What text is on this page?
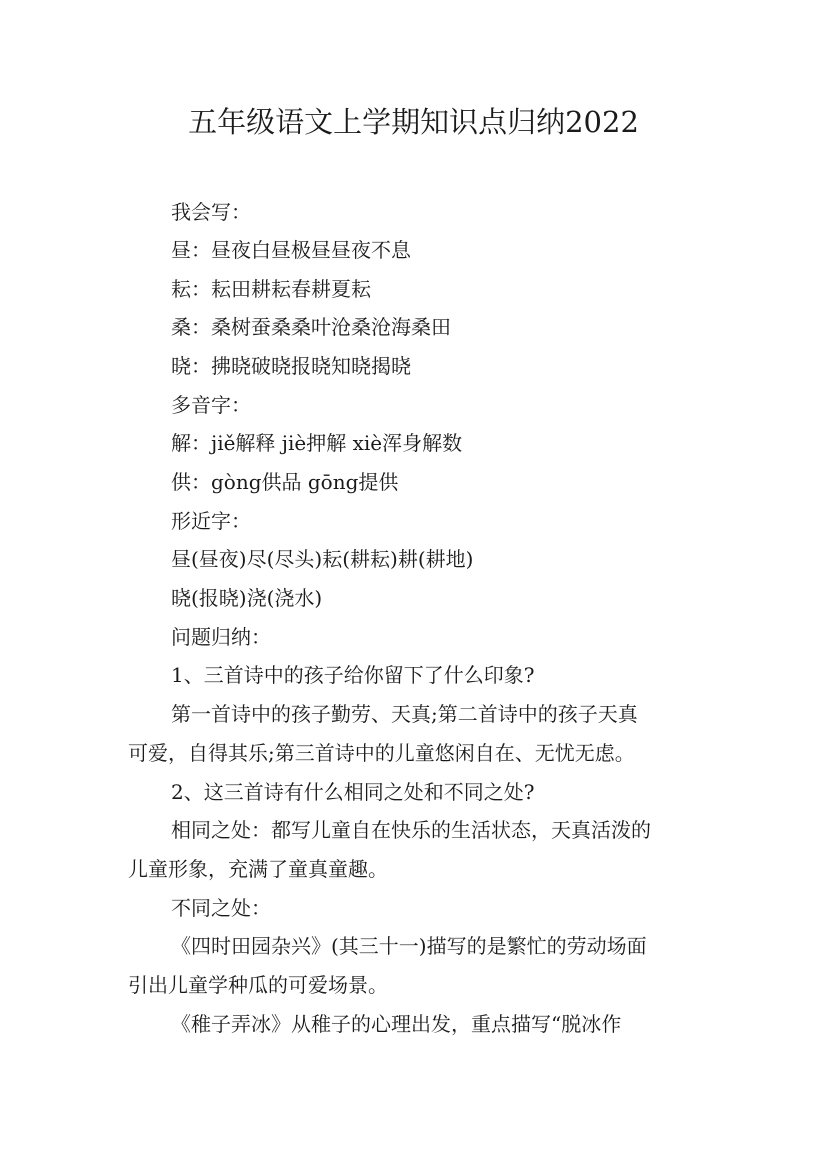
五年级语文上学期知识点归纳2022
我会写：
昼：昼夜白昼极昼昼夜不息
耘：耘田耕耘春耕夏耘
桑：桑树蚕桑桑叶沧桑沧海桑田
晓：拂晓破晓报晓知晓揭晓
多音字：
解：jiě解释 jiè押解 xiè浑身解数
供：gòng供品 gōng提供
形近字：
昼(昼夜)尽(尽头)耘(耕耘)耕(耕地)
晓(报晓)浇(浇水)
问题归纳：
1、三首诗中的孩子给你留下了什么印象?
第一首诗中的孩子勤劳、天真;第二首诗中的孩子天真
可爱，自得其乐;第三首诗中的儿童悠闲自在、无忧无虑。
2、这三首诗有什么相同之处和不同之处?
相同之处：都写儿童自在快乐的生活状态，天真活泼的
儿童形象，充满了童真童趣。
不同之处：
《四时田园杂兴》(其三十一)描写的是繁忙的劳动场面
引出儿童学种瓜的可爱场景。
《稚子弄冰》从稚子的心理出发，重点描写“脱冰作
